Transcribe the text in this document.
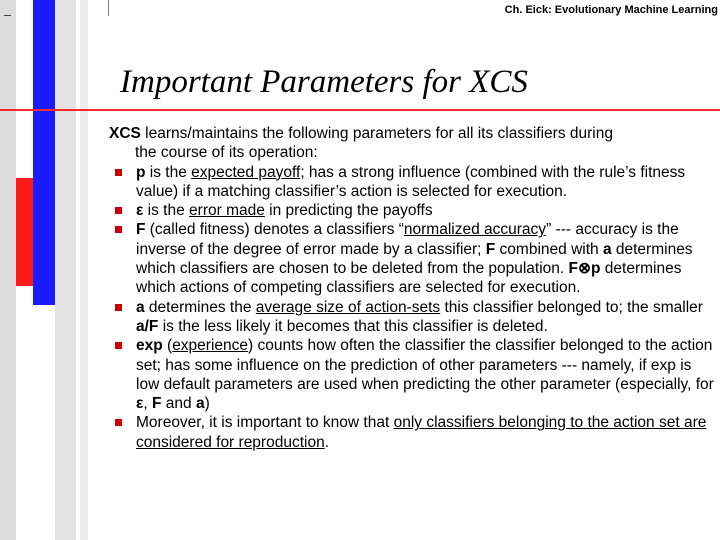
Ch. Eick: Evolutionary Machine Learning
Important Parameters for XCS

XCS learns/maintains the following parameters for all its classifiers during
the course of its operation:

p is the expected payoff; has a strong influence (combined with the rule’s fitness value) if a matching classifier’s action is selected for execution.
ε is the error made in predicting the payoffs
F (called fitness) denotes a classifiers “normalized accuracy” --- accuracy is the inverse of the degree of error made by a classifier; F combined with a determines which classifiers are chosen to be deleted from the population. F⊗p determines which actions of competing classifiers are selected for execution.
a determines the average size of action-sets this classifier belonged to; the smaller a/F is the less likely it becomes that this classifier is deleted.
exp (experience) counts how often the classifier the classifier belonged to the action set; has some influence on the prediction of other parameters --- namely, if exp is low default parameters are used when predicting the other parameter (especially, for ε, F and a)
Moreover, it is important to know that only classifiers belonging to the action set are considered for reproduction.
